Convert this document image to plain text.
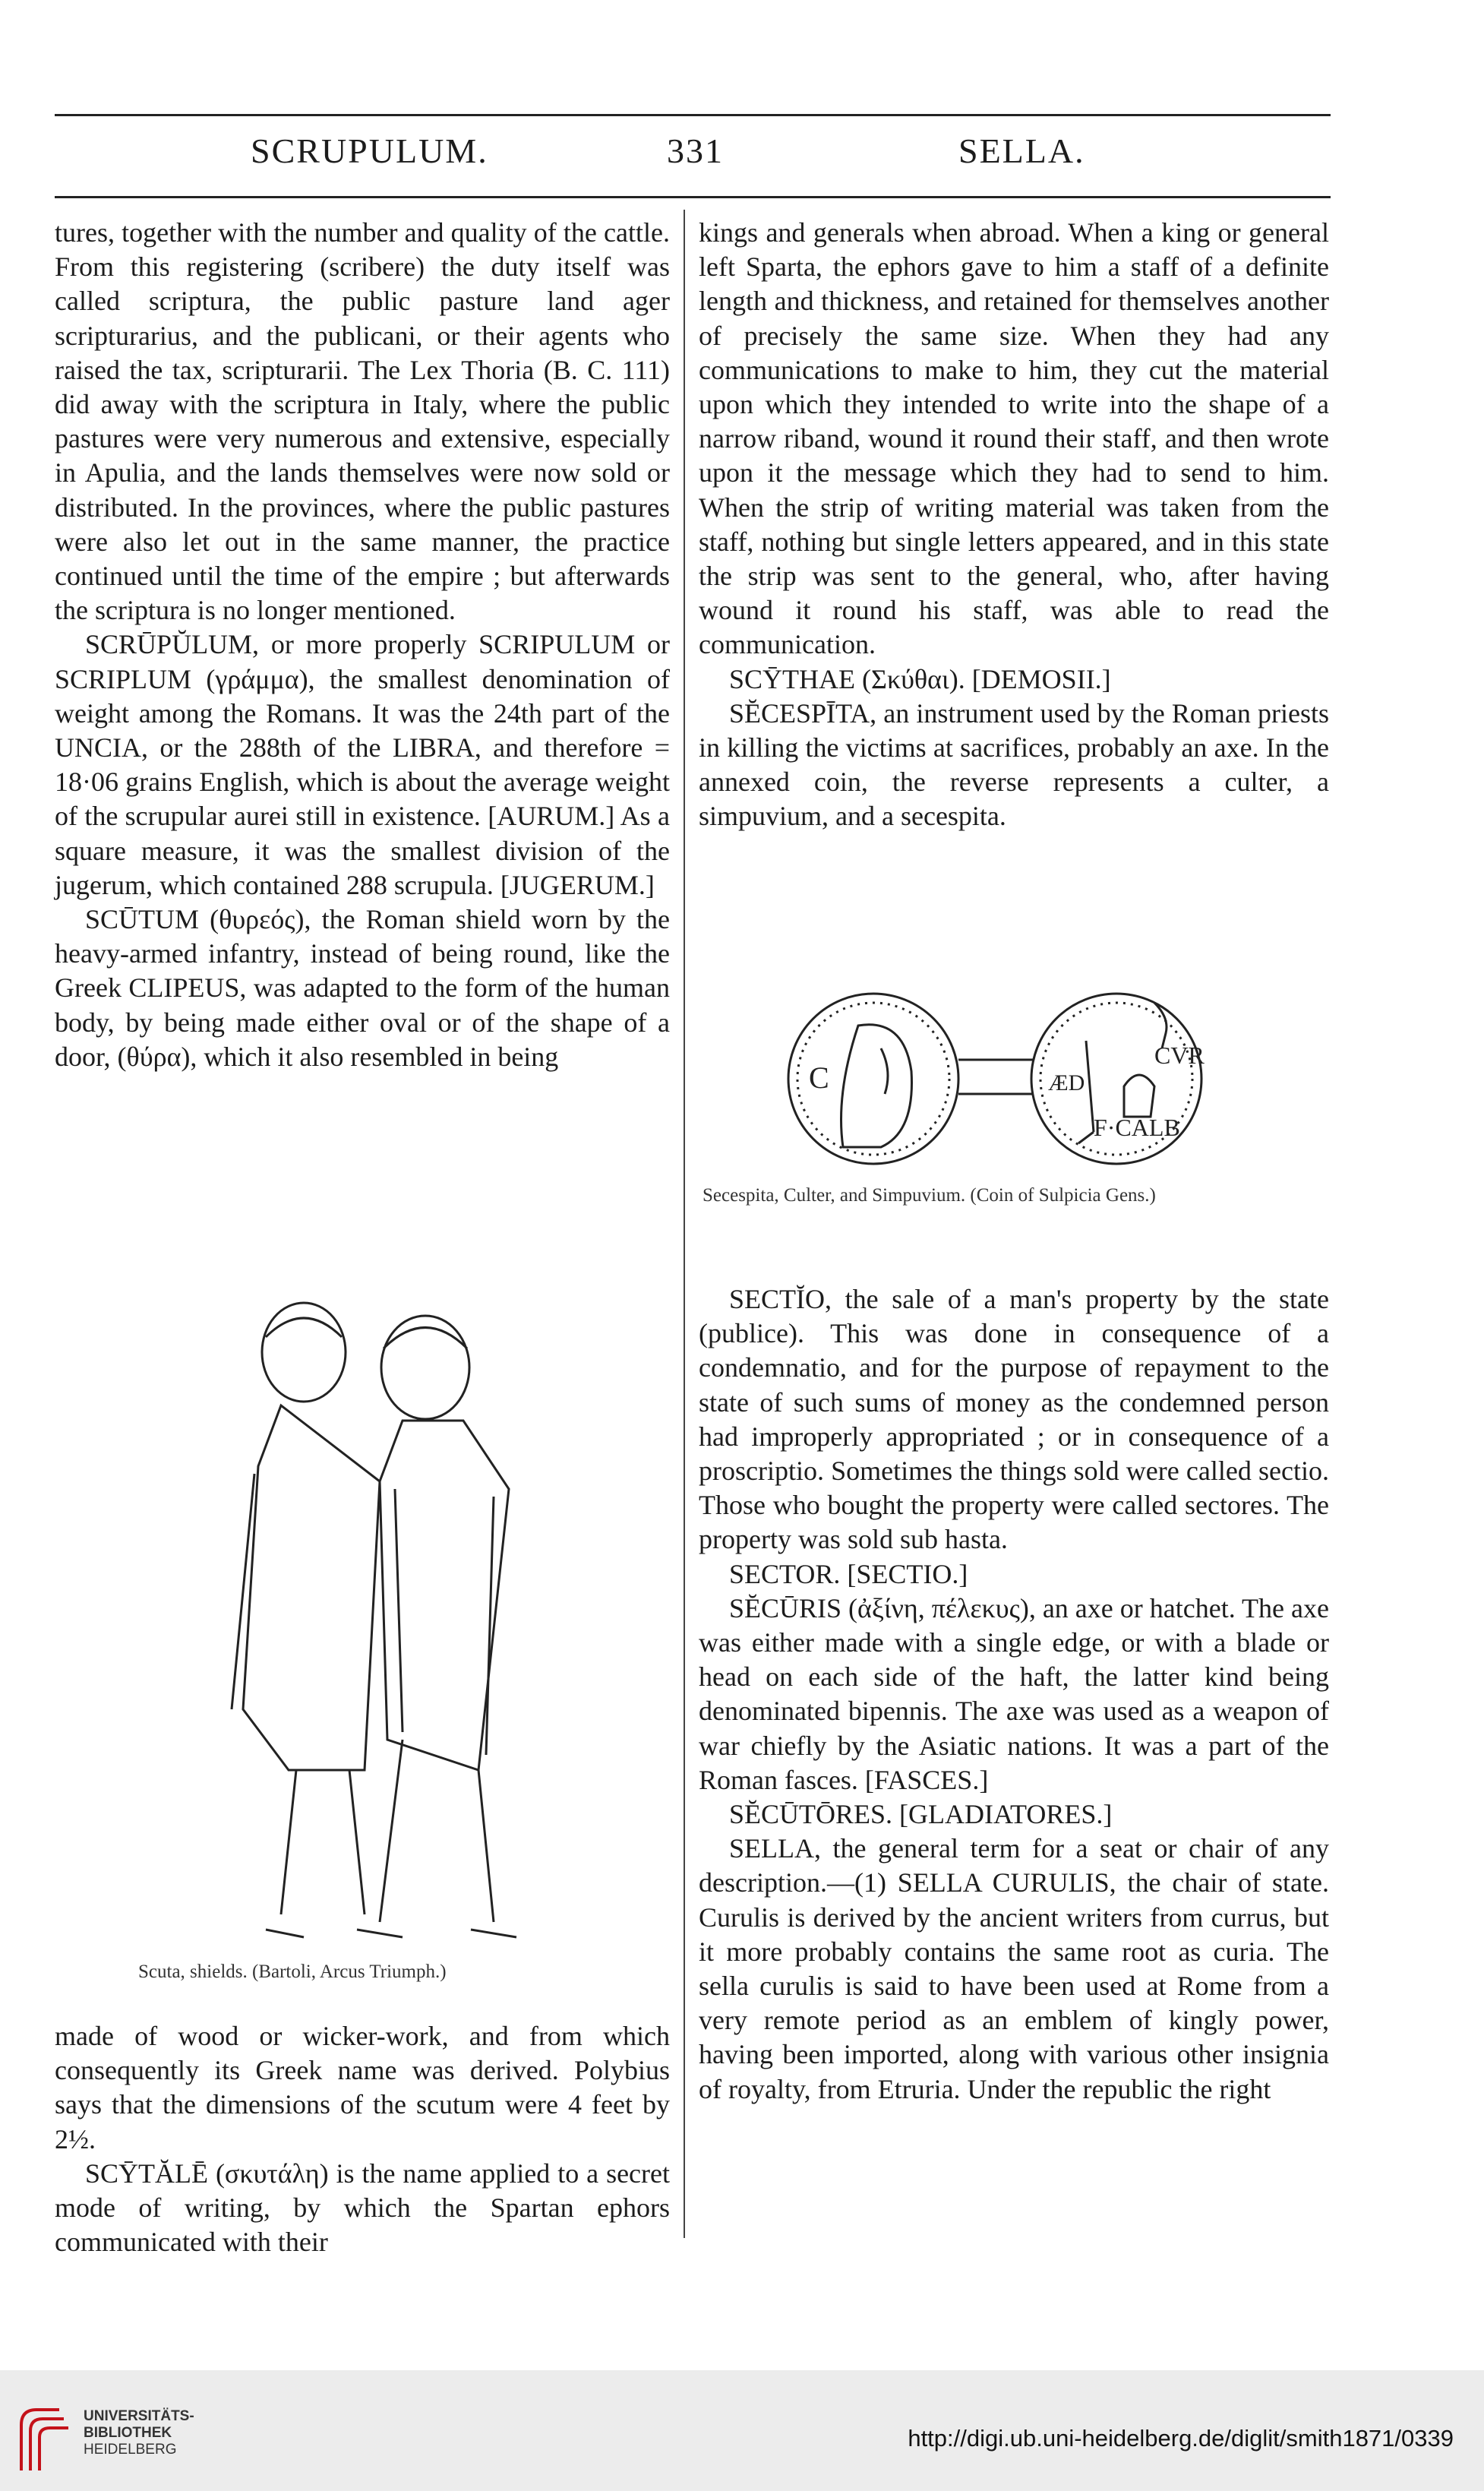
SCRUPULUM.	331	SELLA.

tures, together with the number and quality of the cattle. From this registering (scribere) the duty itself was called scriptura, the public pasture land ager scripturarius, and the publicani, or their agents who raised the tax, scripturarii. The Lex Thoria (B. C. 111) did away with the scriptura in Italy, where the public pastures were very numerous and extensive, especially in Apulia, and the lands themselves were now sold or distributed. In the provinces, where the public pastures were also let out in the same manner, the practice continued until the time of the empire ; but afterwards the scriptura is no longer mentioned.

SCRŪPŬLUM, or more properly SCRIPULUM or SCRIPLUM (γράμμα), the smallest denomination of weight among the Romans. It was the 24th part of the UNCIA, or the 288th of the LIBRA, and therefore = 18·06 grains English, which is about the average weight of the scrupular aurei still in existence. [AURUM.] As a square measure, it was the smallest division of the jugerum, which contained 288 scrupula. [JUGERUM.]

SCŪTUM (θυρεός), the Roman shield worn by the heavy-armed infantry, instead of being round, like the Greek CLIPEUS, was adapted to the form of the human body, by being made either oval or of the shape of a door, (θύρα), which it also resembled in being

Scuta, shields. (Bartoli, Arcus Triumph.)

made of wood or wicker-work, and from which consequently its Greek name was derived. Polybius says that the dimensions of the scutum were 4 feet by 2½.

SCȲTĂLĒ (σκυτάλη) is the name applied to a secret mode of writing, by which the Spartan ephors communicated with their

kings and generals when abroad. When a king or general left Sparta, the ephors gave to him a staff of a definite length and thickness, and retained for themselves another of precisely the same size. When they had any communications to make to him, they cut the material upon which they intended to write into the shape of a narrow riband, wound it round their staff, and then wrote upon it the message which they had to send to him. When the strip of writing material was taken from the staff, nothing but single letters appeared, and in this state the strip was sent to the general, who, after having wound it round his staff, was able to read the communication.

SCȲTHAE (Σκύθαι). [DEMOSII.]

SĔCESPĪTA, an instrument used by the Roman priests in killing the victims at sacrifices, probably an axe. In the annexed coin, the reverse represents a culter, a simpuvium, and a secespita.

C
CVR
ÆD
F·CALB
Secespita, Culter, and Simpuvium. (Coin of Sulpicia Gens.)

SECTĬO, the sale of a man's property by the state (publice). This was done in consequence of a condemnatio, and for the purpose of repayment to the state of such sums of money as the condemned person had improperly appropriated ; or in consequence of a proscriptio. Sometimes the things sold were called sectio. Those who bought the property were called sectores. The property was sold sub hasta.

SECTOR. [SECTIO.]

SĔCŪRIS (ἀξίνη, πέλεκυς), an axe or hatchet. The axe was either made with a single edge, or with a blade or head on each side of the haft, the latter kind being denominated bipennis. The axe was used as a weapon of war chiefly by the Asiatic nations. It was a part of the Roman fasces. [FASCES.]

SĔCŪTŌRES. [GLADIATORES.]

SELLA, the general term for a seat or chair of any description.—(1) SELLA CURULIS, the chair of state. Curulis is derived by the ancient writers from currus, but it more probably contains the same root as curia. The sella curulis is said to have been used at Rome from a very remote period as an emblem of kingly power, having been imported, along with various other insignia of royalty, from Etruria. Under the republic the right

UNIVERSITÄTS-
BIBLIOTHEK
HEIDELBERG	http://digi.ub.uni-heidelberg.de/diglit/smith1871/0339
